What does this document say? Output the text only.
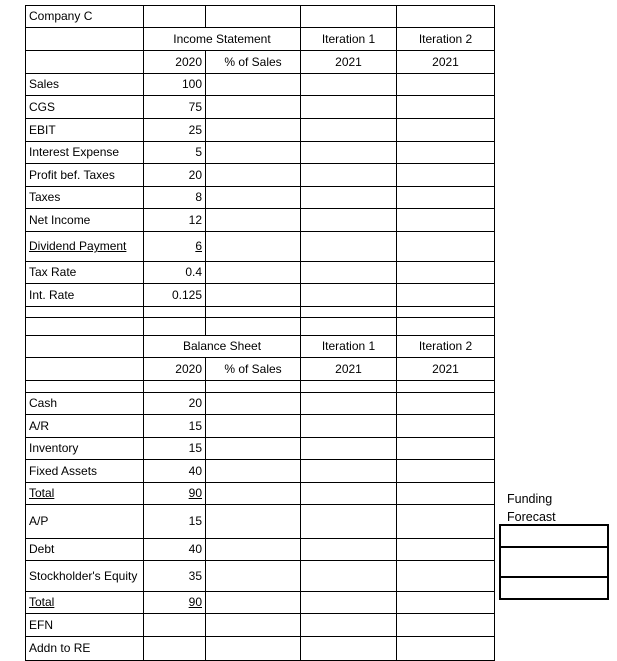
Company C				
	Income Statement		Iteration 1	Iteration 2
	2020	% of Sales	2021	2021
Sales	100			
CGS	75			
EBIT	25			
Interest Expense	5			
Profit bef. Taxes	20			
Taxes	8			
Net Income	12			
Dividend Payment	6			
Tax Rate	0.4			
Int. Rate	0.125			

	Balance Sheet		Iteration 1	Iteration 2
	2020	% of Sales	2021	2021

Cash	20			
A/R	15			
Inventory	15			
Fixed Assets	40			
Total	90			
A/P	15			
Debt	40			
Stockholder's Equity	35			
Total	90			
EFN				
Addn to RE				
Funding
Forecast
